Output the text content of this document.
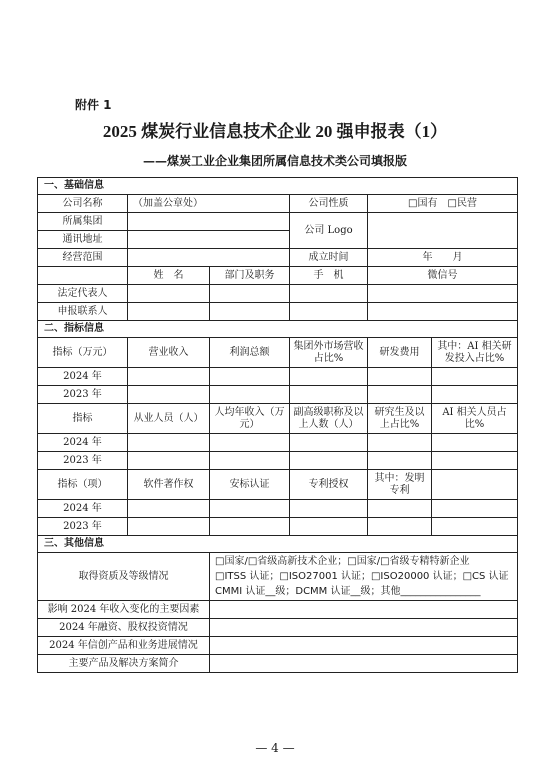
附件 1
2025 煤炭行业信息技术企业 20 强申报表（1）
——煤炭工业企业集团所属信息技术类公司填报版
一、基础信息					
公司名称	（加盖公章处）		公司性质	□国有　□民营	
所属集团			公司 Logo		
通讯地址					
经营范围			成立时间	年　　月	
	姓　名	部门及职务	手　机	微信号	
法定代表人					
申报联系人					
二、指标信息					
指标（万元）	营业收入	利润总额	集团外市场营收占比%	研发费用	其中：AI 相关研发投入占比%
2024 年					
2023 年					
指标	从业人员（人）	人均年收入（万元）	副高级职称及以上人数（人）	研究生及以上占比%	AI 相关人员占比%
2024 年					
2023 年					
指标（项）	软件著作权	安标认证	专利授权	其中：发明专利	
2024 年					
2023 年					
三、其他信息					
取得资质及等级情况		□国家/□省级高新技术企业；□国家/□省级专精特新企业
□ITSS 认证；□ISO27001 认证；□ISO20000 认证；□CS 认证
CMMI 认证__级；DCMM 认证__级；其他________________			

影响 2024 年收入变化的主要因素					
2024 年融资、股权投资情况					
2024 年信创产品和业务进展情况					
主要产品及解决方案简介					
— 4 —
